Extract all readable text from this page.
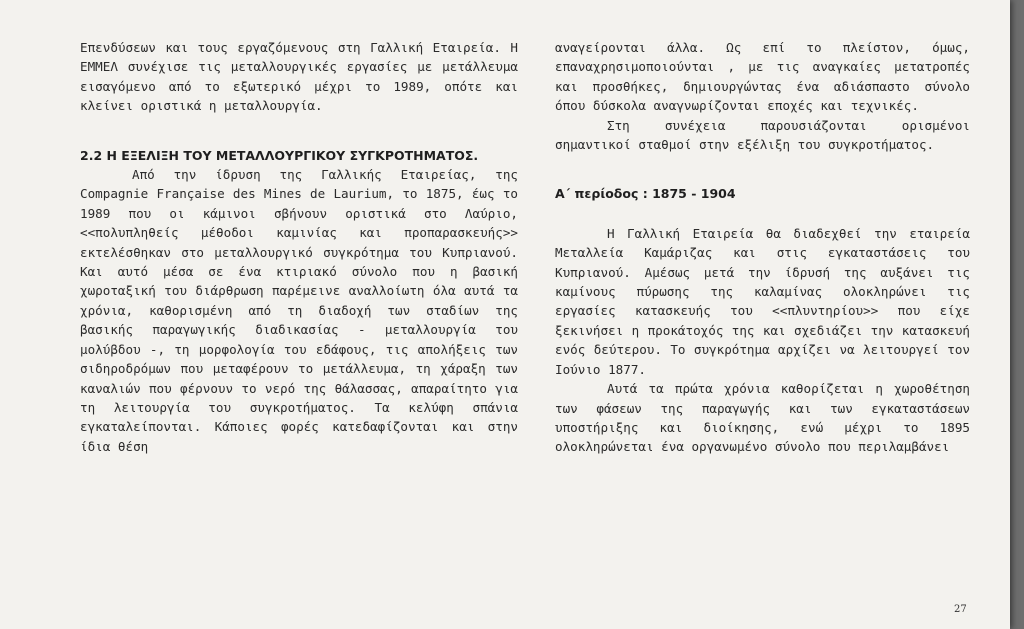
Επενδύσεων και τους εργαζόμενους στη Γαλλική Εταιρεία. Η ΕΜΜΕΛ συνέχισε τις μεταλλουργικές εργασίες με μετάλλευμα εισαγόμενο από το εξωτερικό μέχρι το 1989, οπότε και κλείνει οριστικά η μεταλλουργία.

2.2 Η ΕΞΕΛΙΞΗ ΤΟΥ ΜΕΤΑΛΛΟΥΡΓΙΚΟΥ ΣΥΓΚΡΟΤΗΜΑΤΟΣ.

Από την ίδρυση της Γαλλικής Εταιρείας, της Compagnie Française des Mines de Laurium, το 1875, έως το 1989 που οι κάμινοι σβήνουν οριστικά στο Λαύριο, <<πολυπληθείς μέθοδοι καμινίας και προπαρασκευής>> εκτελέσθηκαν στο μεταλλουργικό συγκρότημα του Κυπριανού. Και αυτό μέσα σε ένα κτιριακό σύνολο που η βασική χωροταξική του διάρθρωση παρέμεινε αναλλοίωτη όλα αυτά τα χρόνια, καθορισμένη από τη διαδοχή των σταδίων της βασικής παραγωγικής διαδικασίας - μεταλλουργία του μολύβδου -, τη μορφολογία του εδάφους, τις απολήξεις των σιδηροδρόμων που μεταφέρουν το μετάλλευμα, τη χάραξη των καναλιών που φέρνουν το νερό της θάλασσας, απαραίτητο για τη λειτουργία του συγκροτήματος. Τα κελύφη σπάνια εγκαταλείπονται. Κάποιες φορές κατεδαφίζονται και στην ίδια θέση

αναγείρονται άλλα. Ως επί το πλείστον, όμως, επαναχρησιμοποιούνται , με τις αναγκαίες μετατροπές και προσθήκες, δημιουργώντας ένα αδιάσπαστο σύνολο όπου δύσκολα αναγνωρίζονται εποχές και τεχνικές.

Στη συνέχεια παρουσιάζονται ορισμένοι σημαντικοί σταθμοί στην εξέλιξη του συγκροτήματος.

Α΄ περίοδος : 1875 - 1904

Η Γαλλική Εταιρεία θα διαδεχθεί την εταιρεία Μεταλλεία Καμάριζας και στις εγκαταστάσεις του Κυπριανού. Αμέσως μετά την ίδρυσή της αυξάνει τις καμίνους πύρωσης της καλαμίνας ολοκληρώνει τις εργασίες κατασκευής του <<πλυντηρίου>> που είχε ξεκινήσει η προκάτοχός της και σχεδιάζει την κατασκευή ενός δεύτερου. Το συγκρότημα αρχίζει να λειτουργεί τον Ιούνιο 1877.

Αυτά τα πρώτα χρόνια καθορίζεται η χωροθέτηση των φάσεων της παραγωγής και των εγκαταστάσεων υποστήριξης και διοίκησης, ενώ μέχρι το 1895 ολοκληρώνεται ένα οργανωμένο σύνολο που περιλαμβάνει

27
